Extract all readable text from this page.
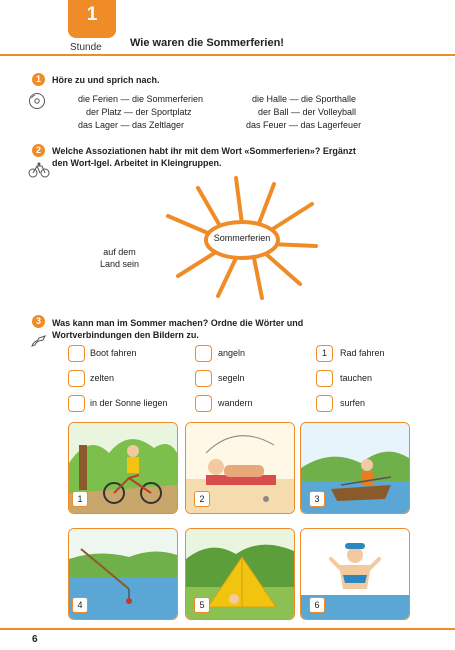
1
Stunde	Wie waren die Sommerferien!
1	Höre zu und sprich nach.
die Ferien — die Sommerferien
der Platz — der Sportplatz
das Lager — das Zeltlager
die Halle — die Sporthalle
der Ball — der Volleyball
das Feuer — das Lagerfeuer
2	Welche Assoziationen habt ihr mit dem Wort «Sommerferien»? Ergänzt
den Wort-Igel. Arbeitet in Kleingruppen.
Sommerferien
auf dem
Land sein
3	Was kann man im Sommer machen? Ordne die Wörter und
Wortverbindungen den Bildern zu.
Boot fahren	angeln	1	Rad fahren
zelten	segeln	tauchen
in der Sonne liegen	wandern	surfen
1	2	3
4	5	6
6
